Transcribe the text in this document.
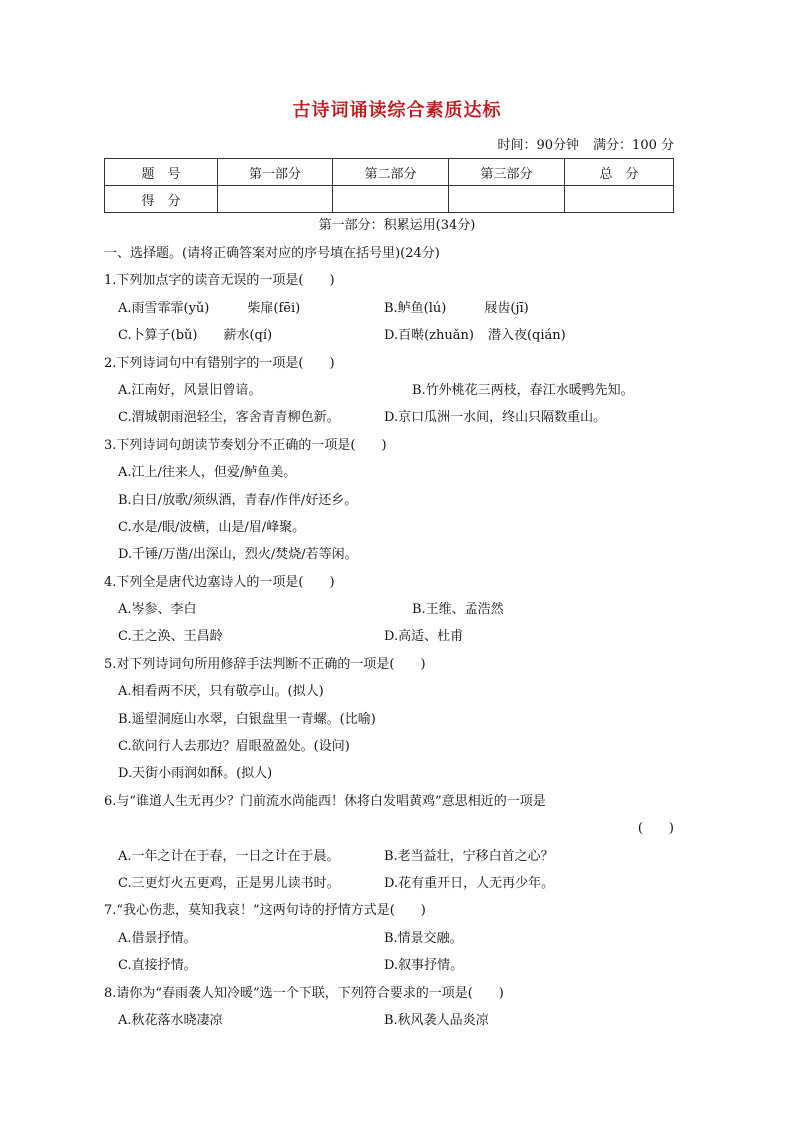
古诗词诵读综合素质达标
时间：90分钟 满分：100 分
题　号	第一部分	第二部分	第三部分	总　分
得　分				
第一部分：积累运用(34分)
一、选择题。(请将正确答案对应的序号填在括号里)(24分)
1.下列加点字的读音无误的一项是(　　)
A.雨雪霏霏(yǔ)	柴扉(fēi)	B.鲈鱼(lú)	屐齿(jī)
C.卜算子(bǔ) 薪水(qí)	D.百啭(zhuǎn) 潜入夜(qián)
2.下列诗词句中有错别字的一项是(　　)
A.江南好，风景旧曾谙。	B.竹外桃花三两枝，春江水暖鸭先知。
C.渭城朝雨浥轻尘，客舍青青柳色新。	D.京口瓜洲一水间，终山只隔数重山。
3.下列诗词句朗读节奏划分不正确的一项是(　　)
A.江上/往来人，但爱/鲈鱼美。
B.白日/放歌/须纵酒，青春/作伴/好还乡。
C.水是/眼/波横，山是/眉/峰聚。
D.千锤/万凿/出深山，烈火/焚烧/若等闲。
4.下列全是唐代边塞诗人的一项是(　　)
A.岑参、李白	B.王维、孟浩然
C.王之涣、王昌龄	D.高适、杜甫
5.对下列诗词句所用修辞手法判断不正确的一项是(　　)
A.相看两不厌，只有敬亭山。(拟人)
B.遥望洞庭山水翠，白银盘里一青螺。(比喻)
C.欲问行人去那边？眉眼盈盈处。(设问)
D.天街小雨润如酥。(拟人)
6.与“谁道人生无再少？门前流水尚能西！休将白发唱黄鸡”意思相近的一项是
(　　)
A.一年之计在于春，一日之计在于晨。	B.老当益壮，宁移白首之心？
C.三更灯火五更鸡，正是男儿读书时。	D.花有重开日，人无再少年。
7.“我心伤悲，莫知我哀！”这两句诗的抒情方式是(　　)
A.借景抒情。	B.情景交融。
C.直接抒情。	D.叙事抒情。
8.请你为“春雨袭人知冷暖”选一个下联，下列符合要求的一项是(　　)
A.秋花落水晓凄凉	B.秋风袭人品炎凉
